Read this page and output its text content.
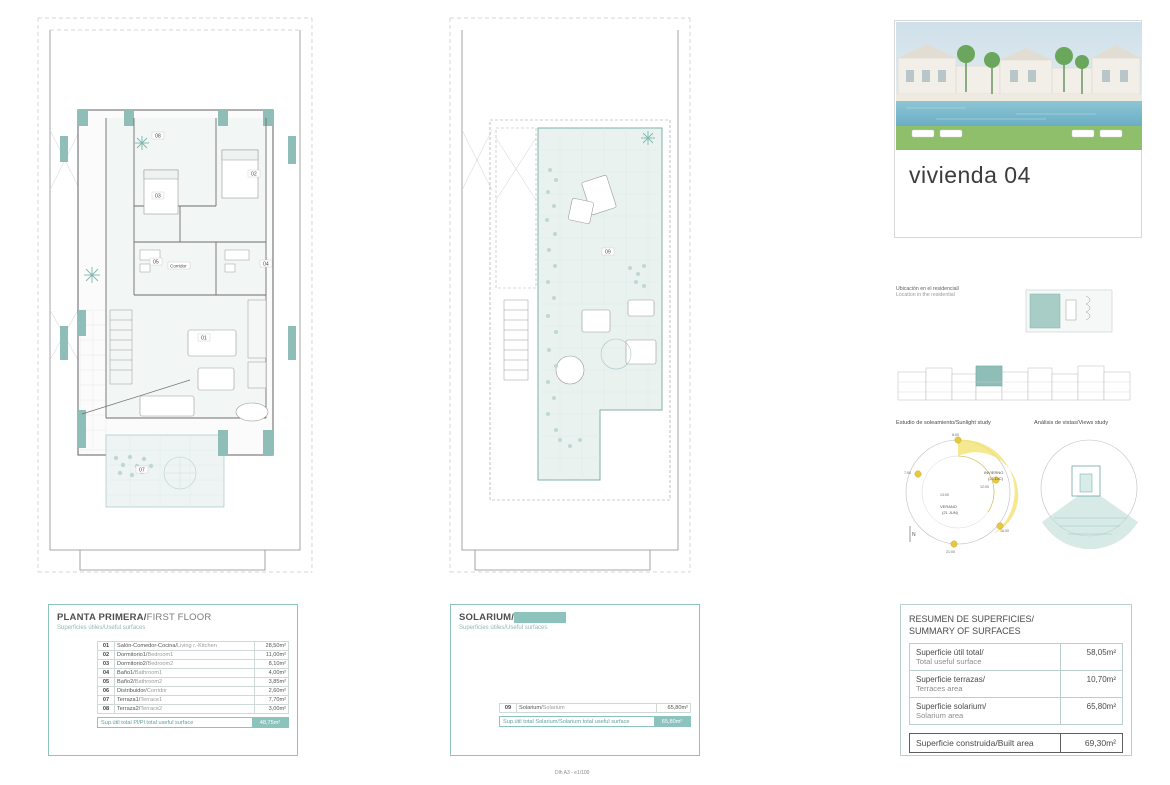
01
02
03
04
05
Corridor
07
08
09
vivienda 04
Ubicación en el residencial/
Location in the residential
Estudio de soleamiento/Sunlight study
8:00
7:00
13:00
12:00
16:00
21:00
INVIERNO
(21 DIC)
VERANO
(21 JUN)
N
Análisis de vistas/Views study
PLANTA PRIMERA/FIRST FLOOR
Superficies útiles/Useful surfaces
01	Salón-Comedor-Cocina/Living r.-Kitchen	28,50m²
02	Dormitorio1/Bedroom1	11,00m²
03	Dormitorio2/Bedroom2	8,10m²
04	Baño1/Bathroom1	4,00m²
05	Baño2/Bathroom2	3,85m²
06	Distribuidor/Corridor	2,60m²
07	Terraza1/Terrace1	7,70m²
08	Terraza2/Terrace2	3,00m²
Sup.útil total Pl/Pl total useful surface	48,75m²
SOLARIUM/SOLARIUM
Superficies útiles/Useful surfaces
09	Solarium/Solarium	65,80m²
Sup.útil total Solarium/Solarium total useful surface	65,80m²
Dlh A3 - e1/100
RESUMEN DE SUPERFICIES/
SUMMARY OF SURFACES
Superficie útil total/
Total useful surface	58,05m²
Superficie terrazas/
Terraces area	10,70m²
Superficie solarium/
Solarium area	65,80m²
Superficie construida/Built area	69,30m²
